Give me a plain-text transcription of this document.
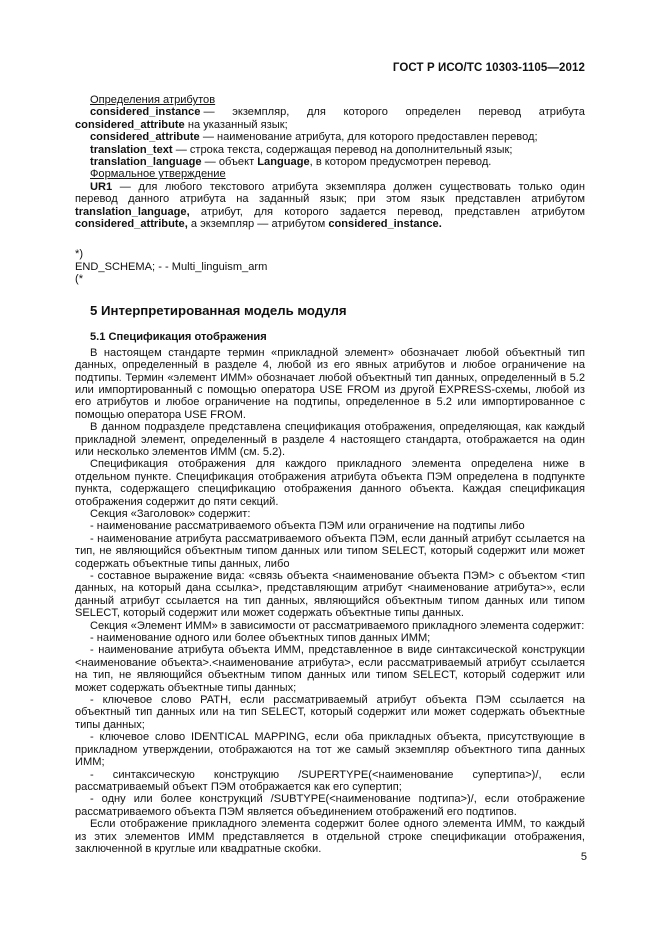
ГОСТ Р ИСО/ТС 10303-1105—2012

Определения атрибутов

considered_instance — экземпляр, для которого определен перевод атрибута

considered_attribute на указанный язык;

considered_attribute — наименование атрибута, для которого предоставлен перевод;

translation_text — строка текста, содержащая перевод на дополнительный язык;

translation_language — объект Language, в котором предусмотрен перевод.

Формальное утверждение

UR1 — для любого текстового атрибута экземпляра должен существовать только один перевод данного атрибута на заданный язык; при этом язык представлен атрибутом translation_language, атрибут, для которого задается перевод, представлен атрибутом considered_attribute, а экземпляр — атрибутом considered_instance.

*)

END_SCHEMA; - - Multi_linguism_arm

(*

5 Интерпретированная модель модуля
5.1 Спецификация отображения

В настоящем стандарте термин «прикладной элемент» обозначает любой объектный тип данных, определенный в разделе 4, любой из его явных атрибутов и любое ограничение на подтипы. Термин «элемент ИММ» обозначает любой объектный тип данных, определенный в 5.2 или импортированный с помощью оператора USE FROM из другой EXPRESS-схемы, любой из его атрибутов и любое ограничение на подтипы, определенное в 5.2 или импортированное с помощью оператора USE FROM.

В данном подразделе представлена спецификация отображения, определяющая, как каждый прикладной элемент, определенный в разделе 4 настоящего стандарта, отображается на один или несколько элементов ИММ (см. 5.2).

Спецификация отображения для каждого прикладного элемента определена ниже в отдельном пункте. Спецификация отображения атрибута объекта ПЭМ определена в подпункте пункта, содержащего спецификацию отображения данного объекта. Каждая спецификация отображения содержит до пяти секций.

Секция «Заголовок» содержит:

- наименование рассматриваемого объекта ПЭМ или ограничение на подтипы либо

- наименование атрибута рассматриваемого объекта ПЭМ, если данный атрибут ссылается на тип, не являющийся объектным типом данных или типом SELECT, который содержит или может содержать объектные типы данных, либо

- составное выражение вида: «связь объекта <наименование объекта ПЭМ> с объектом <тип данных, на который дана ссылка>, представляющим атрибут <наименование атрибута>», если данный атрибут ссылается на тип данных, являющийся объектным типом данных или типом SELECT, который содержит или может содержать объектные типы данных.

Секция «Элемент ИММ» в зависимости от рассматриваемого прикладного элемента содержит:

- наименование одного или более объектных типов данных ИММ;

- наименование атрибута объекта ИММ, представленное в виде синтаксической конструкции <наименование объекта>.<наименование атрибута>, если рассматриваемый атрибут ссылается на тип, не являющийся объектным типом данных или типом SELECT, который содержит или может содержать объектные типы данных;

- ключевое слово PATH, если рассматриваемый атрибут объекта ПЭМ ссылается на объектный тип данных или на тип SELECT, который содержит или может содержать объектные типы данных;

- ключевое слово IDENTICAL MAPPING, если оба прикладных объекта, присутствующие в прикладном утверждении, отображаются на тот же самый экземпляр объектного типа данных ИММ;

- синтаксическую конструкцию /SUPERTYPE(<наименование супертипа>)/, если рассматриваемый объект ПЭМ отображается как его супертип;

- одну или более конструкций /SUBTYPE(<наименование подтипа>)/, если отображение рассматриваемого объекта ПЭМ является объединением отображений его подтипов.

Если отображение прикладного элемента содержит более одного элемента ИММ, то каждый из этих элементов ИММ представляется в отдельной строке спецификации отображения, заключенной в круглые или квадратные скобки.

5
